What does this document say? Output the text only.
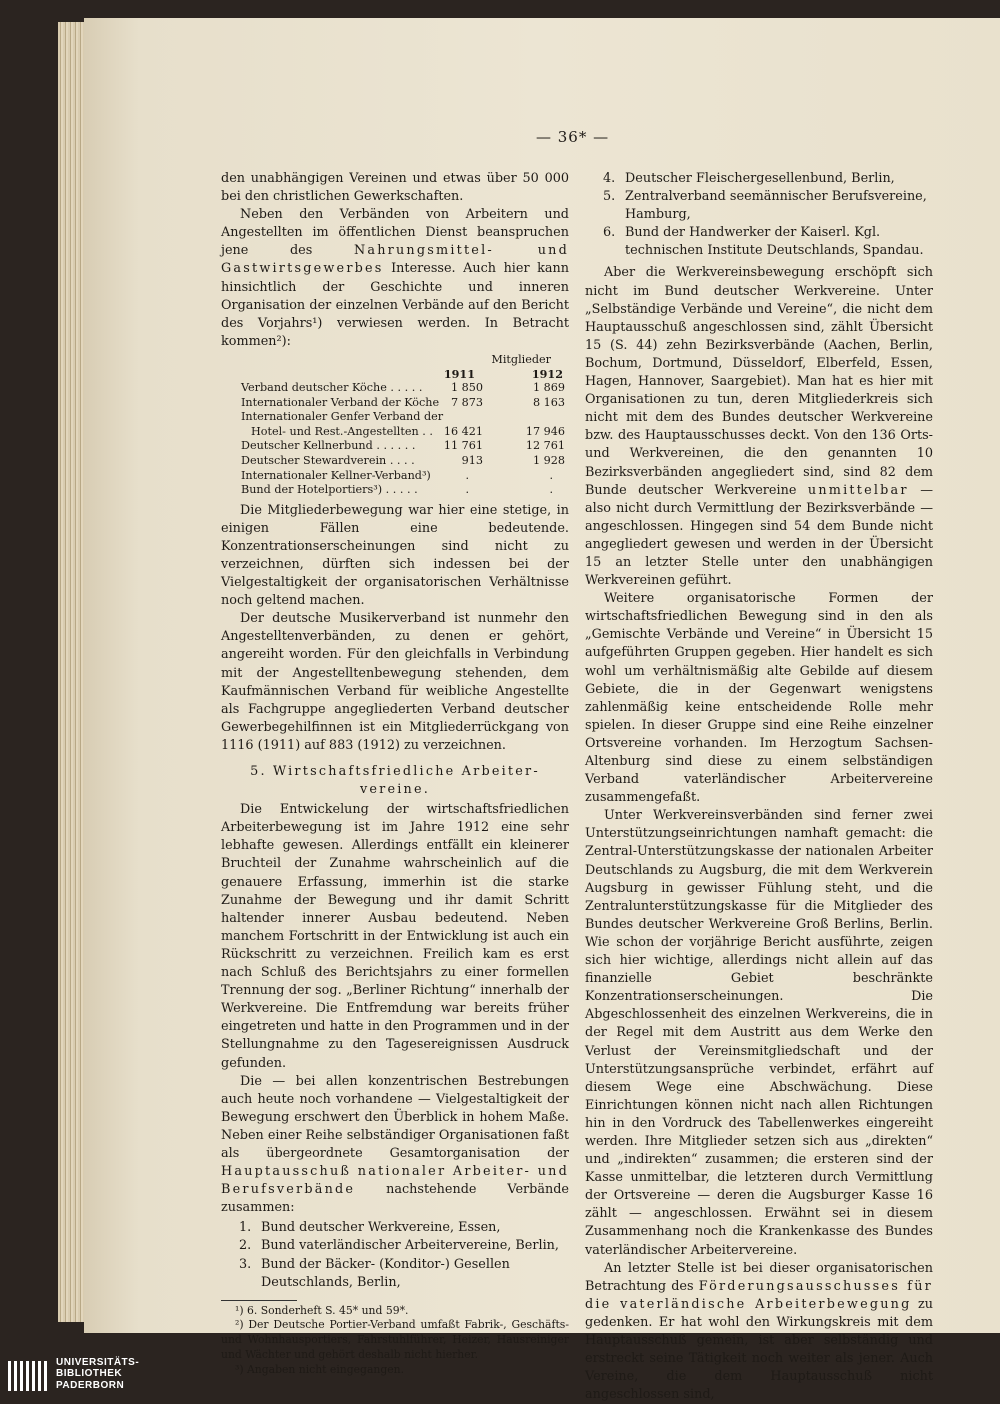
— 36* —

den unabhängigen Vereinen und etwas über 50 000 bei den christlichen Gewerkschaften.

Neben den Verbänden von Arbeitern und Angestellten im öffentlichen Dienst beanspruchen jene des	Nahrungsmittel- und Gastwirtsgewerbes Interesse. Auch hier kann hinsichtlich der Geschichte und inneren Organisation der einzelnen Verbände auf den Bericht des Vorjahrs¹) verwiesen werden. In Betracht kommen²):

Mitglieder
1911	1912
Verband deutscher Köche . . . . .	1 850	1 869
Internationaler Verband der Köche 7 873	8 163
Internationaler Genfer Verband der
Hotel- und Rest.-Angestellten . . 16 421	17 946
Deutscher Kellnerbund . . . . . .	11 761	12 761
Deutscher Stewardverein . . . .	913	1 928
Internationaler Kellner-Verband³)	.	.
Bund der Hotelportiers³) . . . . .	.	.

Die Mitgliederbewegung war hier eine stetige, in einigen Fällen eine bedeutende. Konzentrationserscheinungen sind nicht zu verzeichnen, dürften sich indessen bei der Vielgestaltigkeit der organisatorischen Verhältnisse noch geltend machen.

Der deutsche Musikerverband ist nunmehr den Angestelltenverbänden, zu denen er gehört, angereiht worden. Für den gleichfalls in Verbindung mit der Angestelltenbewegung stehenden, dem Kaufmännischen Verband für weibliche Angestellte als Fachgruppe angegliederten Verband deutscher Gewerbegehilfinnen ist ein Mitgliederrückgang von 1116 (1911) auf 883 (1912) zu verzeichnen.

5. Wirtschaftsfriedliche Arbeiter-
vereine.

Die Entwickelung der wirtschaftsfriedlichen Arbeiterbewegung ist im Jahre 1912 eine sehr lebhafte gewesen. Allerdings entfällt ein kleinerer Bruchteil der Zunahme wahrscheinlich auf die genauere Erfassung, immerhin ist die starke Zunahme der Bewegung und ihr damit Schritt haltender innerer Ausbau bedeutend. Neben manchem Fortschritt in der Entwicklung ist auch ein Rückschritt zu verzeichnen. Freilich kam es erst nach Schluß des Berichtsjahrs zu einer formellen Trennung der sog. „Berliner Richtung“ innerhalb der Werkvereine. Die Entfremdung war bereits früher eingetreten und hatte in den Programmen und in der Stellungnahme zu den Tagesereignissen Ausdruck gefunden.

Die — bei allen konzentrischen Bestrebungen auch heute noch vorhandene — Vielgestaltigkeit der Bewegung erschwert den Überblick in hohem Maße. Neben einer Reihe selbständiger Organisationen faßt als übergeordnete Gesamtorganisation der Hauptausschuß nationaler Arbeiter- und Berufsverbände nachstehende Verbände zusammen:

1. Bund deutscher Werkvereine, Essen,
2. Bund vaterländischer Arbeitervereine, Berlin,
3. Bund der Bäcker- (Konditor-) Gesellen Deutschlands, Berlin,

¹) 6. Sonderheft S. 45* und 59*.

²) Der Deutsche Portier-Verband umfaßt Fabrik-, Geschäfts- und Wohnhausportiers, Fahrstuhlführer, Heizer, Hausreiniger und Wächter und gehört deshalb nicht hierher.

³) Angaben nicht eingegangen.

4. Deutscher Fleischergesellenbund, Berlin,
5. Zentralverband seemännischer Berufsvereine, Hamburg,
6. Bund der Handwerker der Kaiserl. Kgl. technischen Institute Deutschlands, Spandau.

Aber die Werkvereinsbewegung erschöpft sich nicht im Bund deutscher Werkvereine. Unter „Selbständige Verbände und Vereine“, die nicht dem Hauptausschuß angeschlossen sind, zählt Übersicht 15 (S. 44) zehn Bezirksverbände (Aachen, Berlin, Bochum, Dortmund, Düsseldorf, Elberfeld, Essen, Hagen, Hannover, Saargebiet). Man hat es hier mit Organisationen zu tun, deren Mitgliederkreis sich nicht mit dem des Bundes deutscher Werkvereine bzw. des Hauptausschusses deckt. Von den 136 Orts- und Werkvereinen, die den genannten 10 Bezirksverbänden angegliedert sind, sind 82 dem Bunde deutscher Werkvereine unmittelbar — also nicht durch Vermittlung der Bezirksverbände — angeschlossen. Hingegen sind 54 dem Bunde nicht angegliedert gewesen und werden in der Übersicht 15 an letzter Stelle unter den unabhängigen Werkvereinen geführt.

Weitere organisatorische Formen der wirtschaftsfriedlichen Bewegung sind in den als „Gemischte Verbände und Vereine“ in Übersicht 15 aufgeführten Gruppen gegeben. Hier handelt es sich wohl um verhältnismäßig alte Gebilde auf diesem Gebiete, die in der Gegenwart wenigstens zahlenmäßig keine entscheidende Rolle mehr spielen. In dieser Gruppe sind eine Reihe einzelner Ortsvereine vorhanden. Im Herzogtum Sachsen-Altenburg sind diese zu einem selbständigen Verband vaterländischer Arbeitervereine zusammengefaßt.

Unter Werkvereinsverbänden sind ferner zwei Unterstützungseinrichtungen namhaft gemacht: die Zentral-Unterstützungskasse der nationalen Arbeiter Deutschlands zu Augsburg, die mit dem Werkverein Augsburg in gewisser Fühlung steht, und die Zentralunterstützungskasse für die Mitglieder des Bundes deutscher Werkvereine Groß Berlins, Berlin. Wie schon der vorjährige Bericht ausführte, zeigen sich hier wichtige, allerdings nicht allein auf das finanzielle Gebiet beschränkte Konzentrationserscheinungen. Die Abgeschlossenheit des einzelnen Werkvereins, die in der Regel mit dem Austritt aus dem Werke den Verlust der Vereinsmitgliedschaft und der Unterstützungsansprüche verbindet, erfährt auf diesem Wege eine Abschwächung. Diese Einrichtungen können nicht nach allen Richtungen hin in den Vordruck des Tabellenwerkes eingereiht werden. Ihre Mitglieder setzen sich aus „direkten“ und „indirekten“ zusammen; die ersteren sind der Kasse unmittelbar, die letzteren durch Vermittlung der Ortsvereine — deren die Augsburger Kasse 16 zählt — angeschlossen. Erwähnt sei in diesem Zusammenhang noch die Krankenkasse des Bundes vaterländischer Arbeitervereine.

An letzter Stelle ist bei dieser organisatorischen Betrachtung des Förderungsausschusses für die vaterländische Arbeiterbewegung zu gedenken. Er hat wohl den Wirkungskreis mit dem Hauptausschuß gemein, ist aber selbständig und erstreckt seine Tätigkeit noch weiter als jener. Auch Vereine, die dem Hauptausschuß nicht angeschlossen sind,

UNIVERSITÄTS-
BIBLIOTHEK
PADERBORN
